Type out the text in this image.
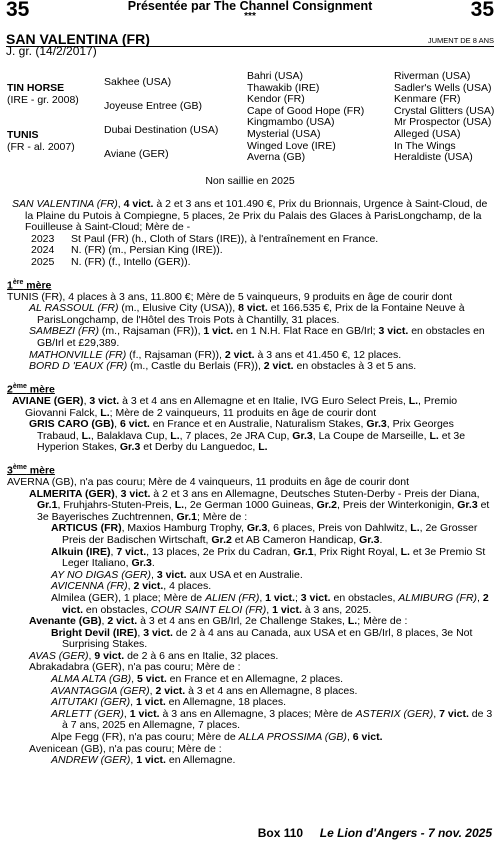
35	35
Présentée par The Channel Consignment
***
SAN VALENTINA (FR)
J. gr. (14/2/2017)
JUMENT DE 8 ANS
TIN HORSE
(IRE - gr. 2008)
TUNIS
(FR - al. 2007)
Sakhee (USA)
Joyeuse Entree (GB)
Dubai Destination (USA)
Aviane (GER)
Bahri (USA)
Thawakib (IRE)
Kendor (FR)
Cape of Good Hope (FR)
Kingmambo (USA)
Mysterial (USA)
Winged Love (IRE)
Averna (GB)
Riverman (USA)
Sadler's Wells (USA)
Kenmare (FR)
Crystal Glitters (USA)
Mr Prospector (USA)
Alleged (USA)
In The Wings
Heraldiste (USA)
Non saillie en 2025

SAN VALENTINA (FR), 4 vict. à 2 et 3 ans et 101.490 €, Prix du Brionnais, Urgence à Saint-Cloud, de la Plaine du Putois à Compiegne, 5 places, 2e Prix du Palais des Glaces à ParisLongchamp, de la Fouilleuse à Saint-Cloud; Mère de -

2023 St Paul (FR) (h., Cloth of Stars (IRE)), à l'entraînement en France.

2024 N. (FR) (m., Persian King (IRE)).

2025 N. (FR) (f., Intello (GER)).

1ère mère

TUNIS (FR), 4 places à 3 ans, 11.800 €; Mère de 5 vainqueurs, 9 produits en âge de courir dont

AL RASSOUL (FR) (m., Elusive City (USA)), 8 vict. et 166.535 €, Prix de la Fontaine Neuve à ParisLongchamp, de l'Hôtel des Trois Pots à Chantilly, 31 places.

SAMBEZI (FR) (m., Rajsaman (FR)), 1 vict. en 1 N.H. Flat Race en GB/Irl; 3 vict. en obstacles en GB/Irl et £29,389.

MATHONVILLE (FR) (f., Rajsaman (FR)), 2 vict. à 3 ans et 41.450 €, 12 places.

BORD D 'EAUX (FR) (m., Castle du Berlais (FR)), 2 vict. en obstacles à 3 et 5 ans.

2ème mère

AVIANE (GER), 3 vict. à 3 et 4 ans en Allemagne et en Italie, IVG Euro Select Preis, L., Premio Giovanni Falck, L.; Mère de 2 vainqueurs, 11 produits en âge de courir dont

GRIS CARO (GB), 6 vict. en France et en Australie, Naturalism Stakes, Gr.3, Prix Georges Trabaud, L., Balaklava Cup, L., 7 places, 2e JRA Cup, Gr.3, La Coupe de Marseille, L. et 3e Hyperion Stakes, Gr.3 et Derby du Languedoc, L.

3ème mère

AVERNA (GB), n'a pas couru; Mère de 4 vainqueurs, 11 produits en âge de courir dont

ALMERITA (GER), 3 vict. à 2 et 3 ans en Allemagne, Deutsches Stuten-Derby - Preis der Diana, Gr.1, Fruhjahrs-Stuten-Preis, L., 2e German 1000 Guineas, Gr.2, Preis der Winterkonigin, Gr.3 et 3e Bayerisches Zuchtrennen, Gr.1; Mère de :

ARTICUS (FR), Maxios Hamburg Trophy, Gr.3, 6 places, Preis von Dahlwitz, L., 2e Grosser Preis der Badischen Wirtschaft, Gr.2 et AB Cameron Handicap, Gr.3.

Alkuin (IRE), 7 vict., 13 places, 2e Prix du Cadran, Gr.1, Prix Right Royal, L. et 3e Premio St Leger Italiano, Gr.3.

AY NO DIGAS (GER), 3 vict. aux USA et en Australie.

AVICENNA (FR), 2 vict., 4 places.

Almilea (GER), 1 place; Mère de ALIEN (FR), 1 vict.; 3 vict. en obstacles, ALMIBURG (FR), 2 vict. en obstacles, COUR SAINT ELOI (FR), 1 vict. à 3 ans, 2025.

Avenante (GB), 2 vict. à 3 et 4 ans en GB/Irl, 2e Challenge Stakes, L.; Mère de :

Bright Devil (IRE), 3 vict. de 2 à 4 ans au Canada, aux USA et en GB/Irl, 8 places, 3e Not Surprising Stakes.

AVAS (GER), 9 vict. de 2 à 6 ans en Italie, 32 places.

Abrakadabra (GER), n'a pas couru; Mère de :

ALMA ALTA (GB), 5 vict. en France et en Allemagne, 2 places.

AVANTAGGIA (GER), 2 vict. à 3 et 4 ans en Allemagne, 8 places.

AITUTAKI (GER), 1 vict. en Allemagne, 18 places.

ARLETT (GER), 1 vict. à 3 ans en Allemagne, 3 places; Mère de ASTERIX (GER), 7 vict. de 3 à 7 ans, 2025 en Allemagne, 7 places.

Alpe Fegg (FR), n'a pas couru; Mère de ALLA PROSSIMA (GB), 6 vict.

Avenicean (GB), n'a pas couru; Mère de :

ANDREW (GER), 1 vict. en Allemagne.

Box 110 Le Lion d'Angers - 7 nov. 2025
